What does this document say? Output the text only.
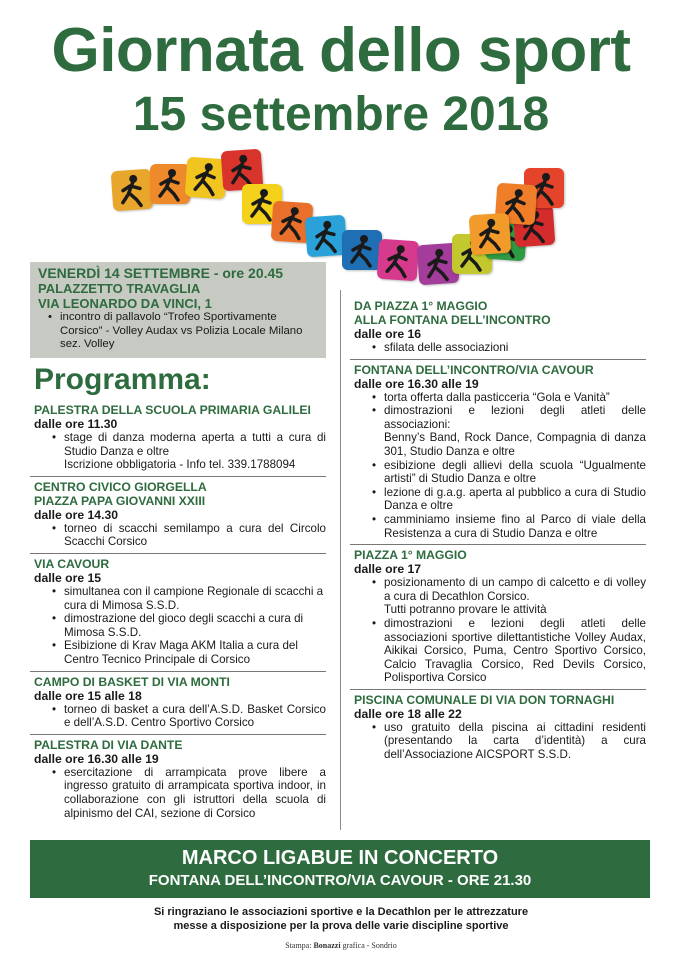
Giornata dello sport
15 settembre 2018
VENERDÌ 14 SETTEMBRE - ore 20.45
PALAZZETTO TRAVAGLIA
VIA LEONARDO DA VINCI, 1
• incontro di pallavolo “Trofeo Sportivamente Corsico” - Volley Audax vs Polizia Locale Milano sez. Volley
Programma:
PALESTRA DELLA SCUOLA PRIMARIA GALILEI
dalle ore 11.30
• stage di danza moderna aperta a tutti a cura di Studio Danza e oltre
Iscrizione obbligatoria - Info tel. 339.1788094
CENTRO CIVICO GIORGELLA
PIAZZA PAPA GIOVANNI XXIII
dalle ore 14.30
• torneo di scacchi semilampo a cura del Circolo Scacchi Corsico
VIA CAVOUR
dalle ore 15
• simultanea con il campione Regionale di scacchi a cura di Mimosa S.S.D.
• dimostrazione del gioco degli scacchi a cura di Mimosa S.S.D.
• Esibizione di Krav Maga AKM Italia a cura del Centro Tecnico Principale di Corsico
CAMPO DI BASKET DI VIA MONTI
dalle ore 15 alle 18
• torneo di basket a cura dell’A.S.D. Basket Corsico e dell’A.S.D. Centro Sportivo Corsico
PALESTRA DI VIA DANTE
dalle ore 16.30 alle 19
• esercitazione di arrampicata prove libere a ingresso gratuito di arrampicata sportiva indoor, in collaborazione con gli istruttori della scuola di alpinismo del CAI, sezione di Corsico
DA PIAZZA 1° MAGGIO
ALLA FONTANA DELL’INCONTRO
dalle ore 16
• sfilata delle associazioni
FONTANA DELL’INCONTRO/VIA CAVOUR
dalle ore 16.30 alle 19
• torta offerta dalla pasticceria “Gola e Vanità”
• dimostrazioni e lezioni degli atleti delle associazioni:
Benny’s Band, Rock Dance, Compagnia di danza 301, Studio Danza e oltre
• esibizione degli allievi della scuola “Ugualmente artisti” di Studio Danza e oltre
• lezione di g.a.g. aperta al pubblico a cura di Studio Danza e oltre
• camminiamo insieme fino al Parco di viale della Resistenza a cura di Studio Danza e oltre
PIAZZA 1° MAGGIO
dalle ore 17
• posizionamento di un campo di calcetto e di volley a cura di Decathlon Corsico.
Tutti potranno provare le attività
• dimostrazioni e lezioni degli atleti delle associazioni sportive dilettantistiche Volley Audax, Aikikai Corsico, Puma, Centro Sportivo Corsico, Calcio Travaglia Corsico, Red Devils Corsico, Polisportiva Corsico
PISCINA COMUNALE DI VIA DON TORNAGHI
dalle ore 18 alle 22
• uso gratuito della piscina ai cittadini residenti (presentando la carta d’identità) a cura dell’Associazione AICSPORT S.S.D.
MARCO LIGABUE IN CONCERTO
FONTANA DELL’INCONTRO/VIA CAVOUR - ORE 21.30
Si ringraziano le associazioni sportive e la Decathlon per le attrezzature
messe a disposizione per la prova delle varie discipline sportive
Stampa: Bonazzi grafica - Sondrio
